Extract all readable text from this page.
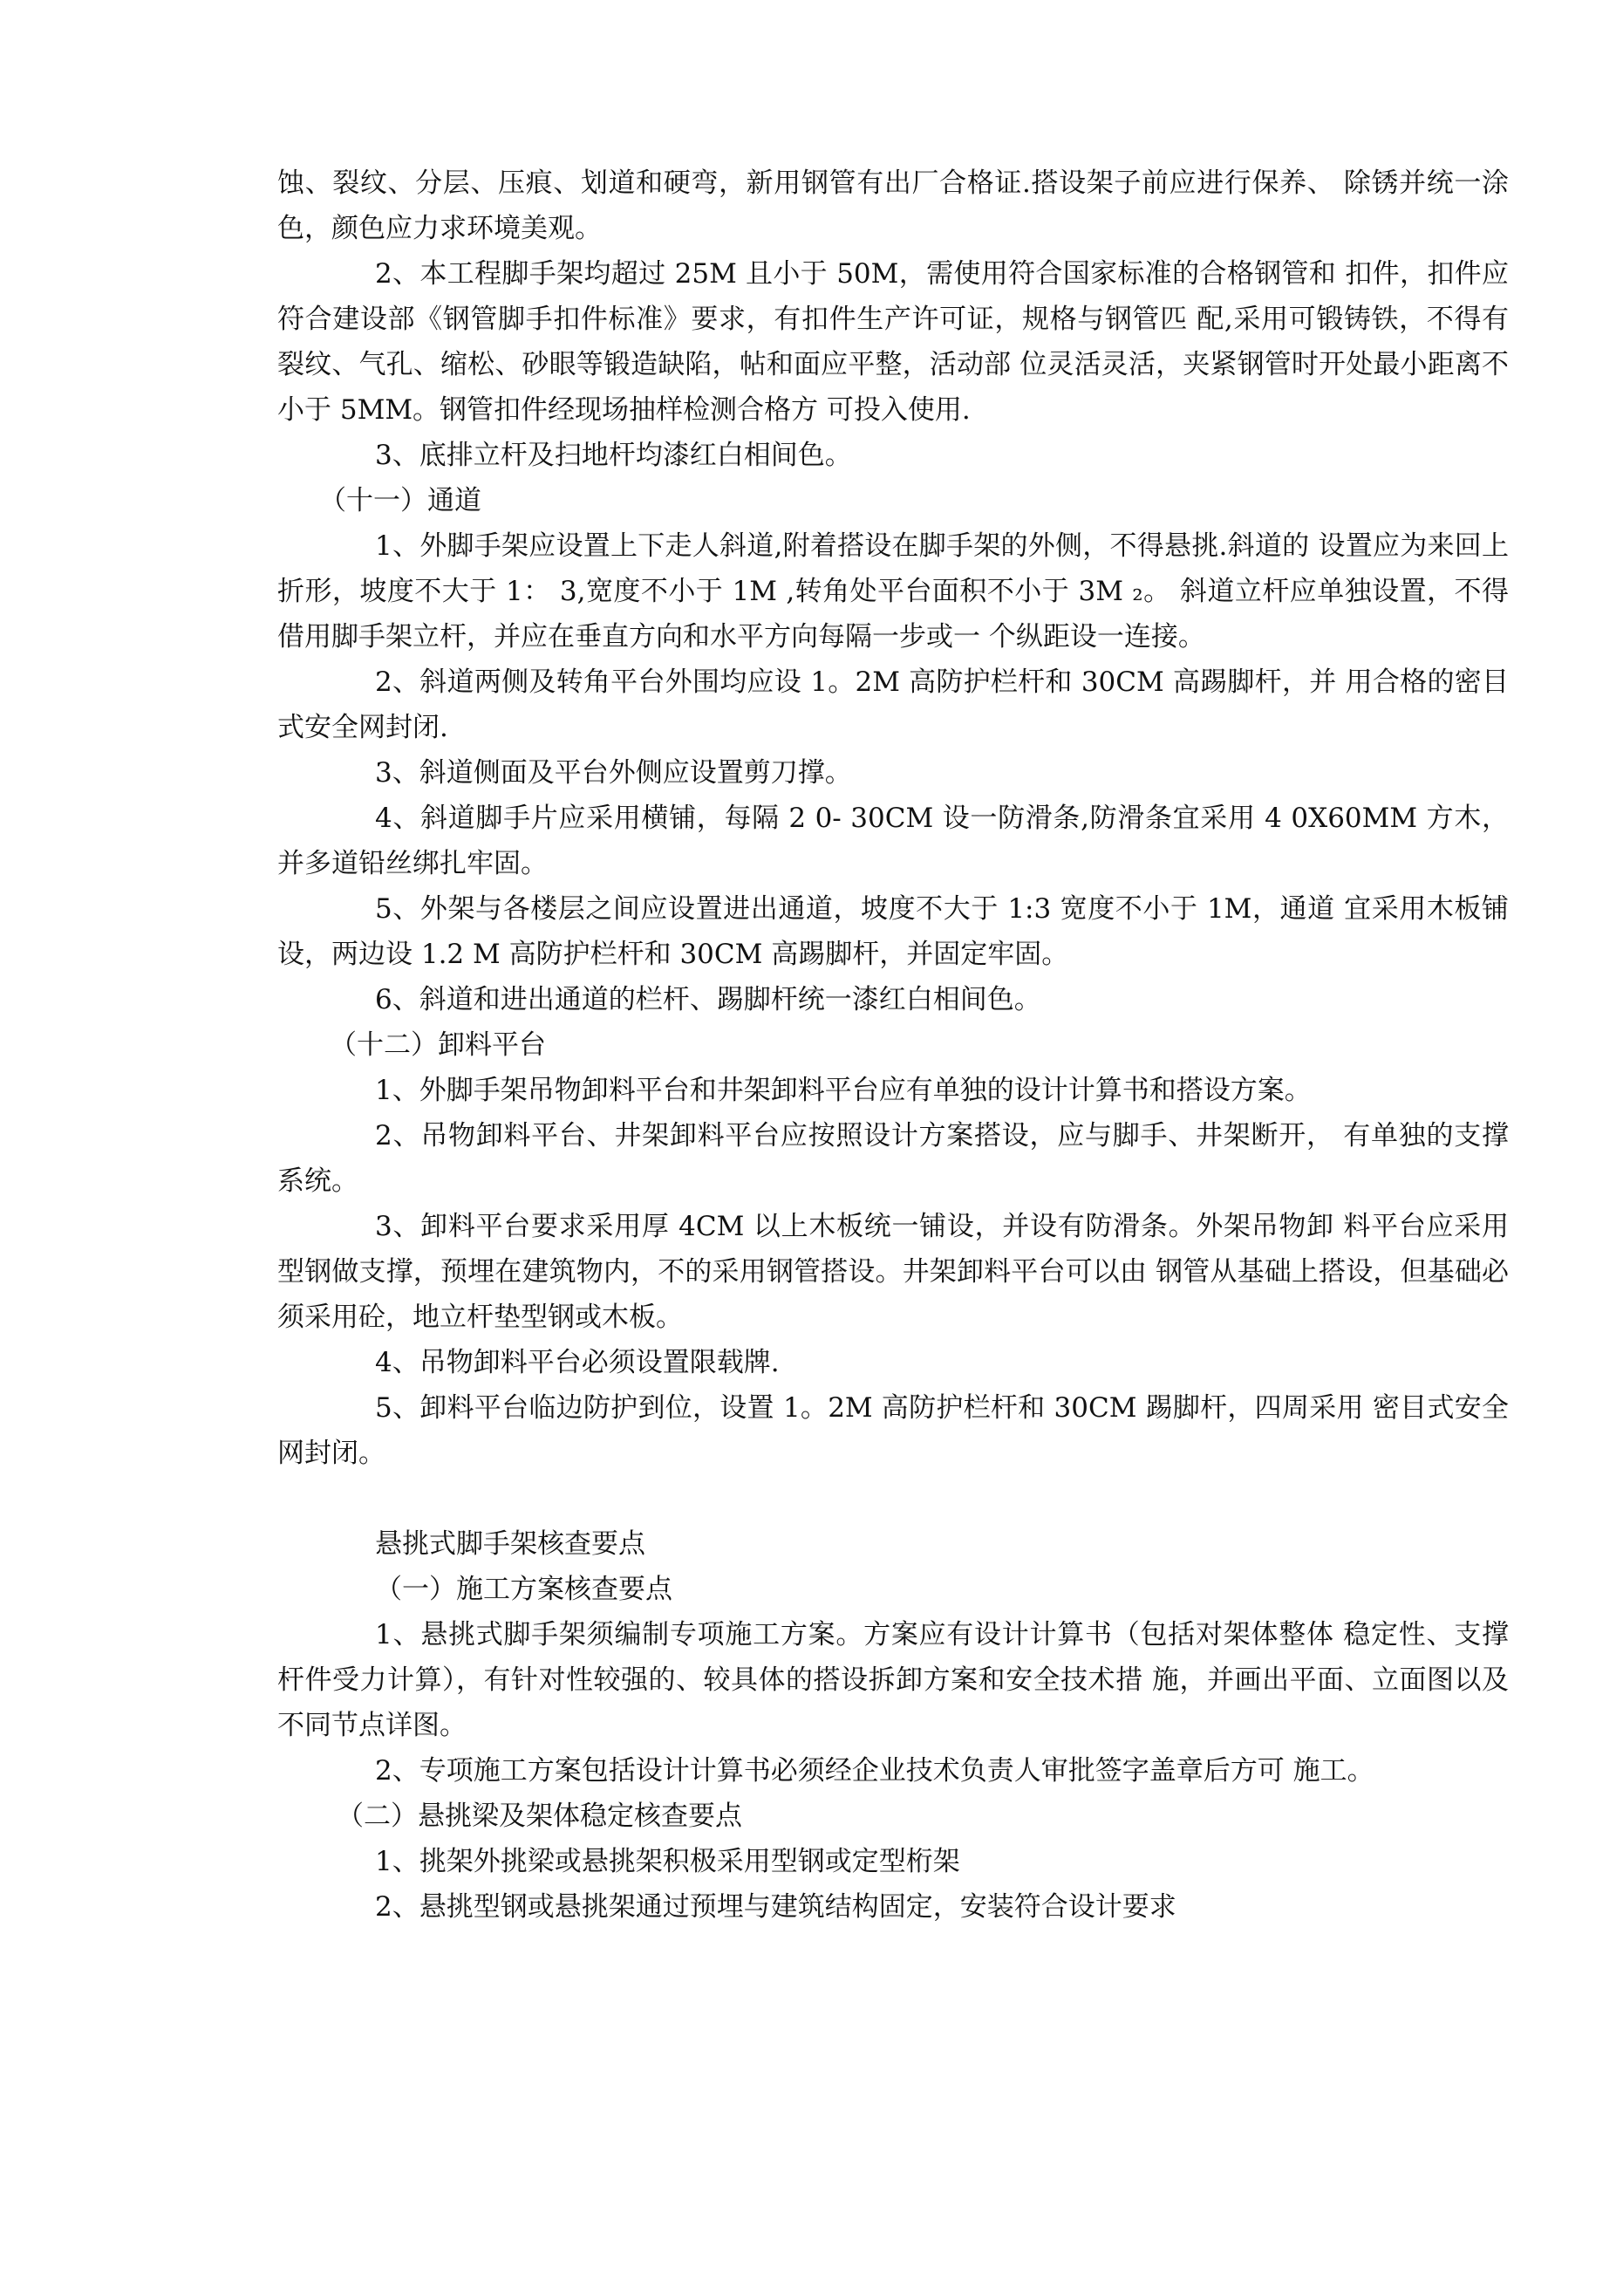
蚀、裂纹、分层、压痕、划道和硬弯，新用钢管有出厂合格证.搭设架子前应进行保养、 除锈并统一涂色，颜色应力求环境美观。

2、本工程脚手架均超过 25M 且小于 50M，需使用符合国家标准的合格钢管和 扣件，扣件应符合建设部《钢管脚手扣件标准》要求，有扣件生产许可证，规格与钢管匹 配,采用可锻铸铁，不得有裂纹、气孔、缩松、砂眼等锻造缺陷，帖和面应平整，活动部 位灵活灵活，夹紧钢管时开处最小距离不小于 5MM。钢管扣件经现场抽样检测合格方 可投入使用.

3、底排立杆及扫地杆均漆红白相间色。

（十一）通道

1、外脚手架应设置上下走人斜道,附着搭设在脚手架的外侧，不得悬挑.斜道的 设置应为来回上折形，坡度不大于 1： 3,宽度不小于 1M ,转角处平台面积不小于 3M ₂。 斜道立杆应单独设置，不得借用脚手架立杆，并应在垂直方向和水平方向每隔一步或一 个纵距设一连接。

2、斜道两侧及转角平台外围均应设 1。2M 高防护栏杆和 30CM 高踢脚杆，并 用合格的密目式安全网封闭.

3、斜道侧面及平台外侧应设置剪刀撑。

4、斜道脚手片应采用横铺，每隔 2 0- 30CM 设一防滑条,防滑条宜采用 4 0X60MM 方木，并多道铅丝绑扎牢固。

5、外架与各楼层之间应设置进出通道，坡度不大于 1:3 宽度不小于 1M，通道 宜采用木板铺设，两边设 1.2 M 高防护栏杆和 30CM 高踢脚杆，并固定牢固。

6、斜道和进出通道的栏杆、踢脚杆统一漆红白相间色。

（十二）卸料平台

1、外脚手架吊物卸料平台和井架卸料平台应有单独的设计计算书和搭设方案。

2、吊物卸料平台、井架卸料平台应按照设计方案搭设，应与脚手、井架断开， 有单独的支撑系统。

3、卸料平台要求采用厚 4CM 以上木板统一铺设，并设有防滑条。外架吊物卸 料平台应采用型钢做支撑，预埋在建筑物内，不的采用钢管搭设。井架卸料平台可以由 钢管从基础上搭设，但基础必须采用砼，地立杆垫型钢或木板。

4、吊物卸料平台必须设置限载牌.

5、卸料平台临边防护到位，设置 1。2M 高防护栏杆和 30CM 踢脚杆，四周采用 密目式安全网封闭。

悬挑式脚手架核查要点

（一）施工方案核查要点

1、悬挑式脚手架须编制专项施工方案。方案应有设计计算书（包括对架体整体 稳定性、支撑杆件受力计算），有针对性较强的、较具体的搭设拆卸方案和安全技术措 施，并画出平面、立面图以及不同节点详图。

2、专项施工方案包括设计计算书必须经企业技术负责人审批签字盖章后方可 施工。

（二）悬挑梁及架体稳定核查要点

1、挑架外挑梁或悬挑架积极采用型钢或定型桁架

2、悬挑型钢或悬挑架通过预埋与建筑结构固定，安装符合设计要求
